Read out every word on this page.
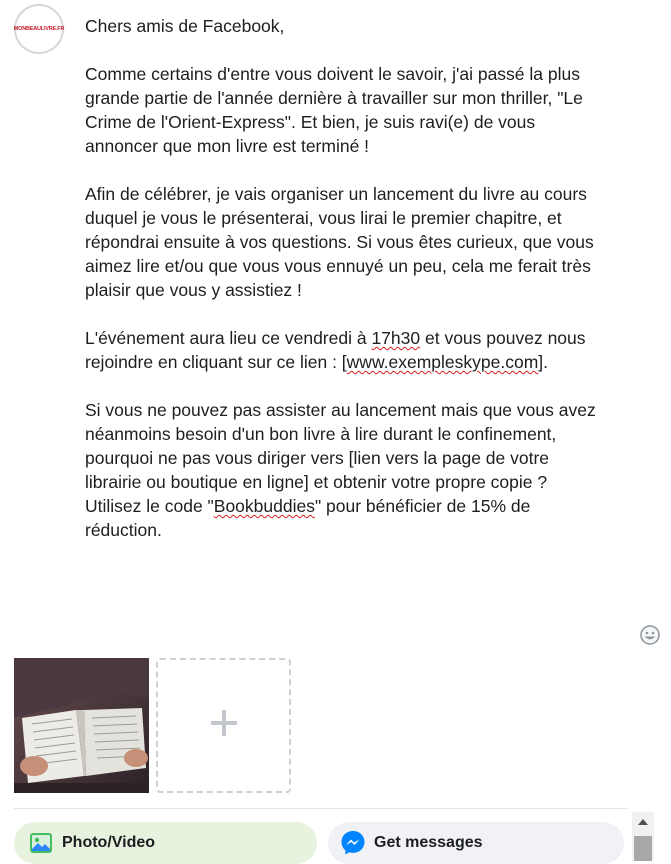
MONBEAULIVRE.FR Chers amis de Facebook,

Comme certains d'entre vous doivent le savoir, j'ai passé la plus grande partie de l'année dernière à travailler sur mon thriller, "Le Crime de l'Orient-Express". Et bien, je suis ravi(e) de vous annoncer que mon livre est terminé !

Afin de célébrer, je vais organiser un lancement du livre au cours duquel je vous le présenterai, vous lirai le premier chapitre, et répondrai ensuite à vos questions. Si vous êtes curieux, que vous aimez lire et/ou que vous vous ennuyé un peu, cela me ferait très plaisir que vous y assistiez !

L'événement aura lieu ce vendredi à 17h30 et vous pouvez nous rejoindre en cliquant sur ce lien : [www.exempleskype.com].

Si vous ne pouvez pas assister au lancement mais que vous avez néanmoins besoin d'un bon livre à lire durant le confinement, pourquoi ne pas vous diriger vers [lien vers la page de votre librairie ou boutique en ligne] et obtenir votre propre copie ? Utilisez le code "Bookbuddies" pour bénéficier de 15% de réduction.

Photo/Video	Get messages
